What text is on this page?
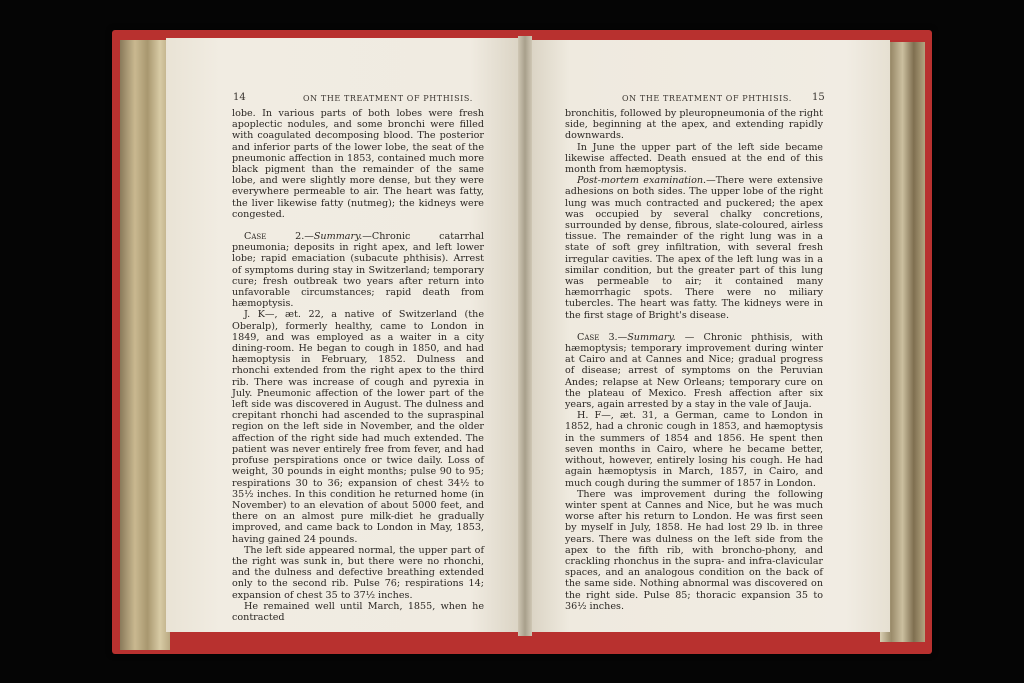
14	ON THE TREATMENT OF PHTHISIS.

lobe. In various parts of both lobes were fresh apoplectic nodules, and some bronchi were filled with coagulated decomposing blood. The posterior and inferior parts of the lower lobe, the seat of the pneumonic affection in 1853, contained much more black pigment than the remainder of the same lobe, and were slightly more dense, but they were everywhere permeable to air. The heart was fatty, the liver likewise fatty (nutmeg); the kidneys were congested.

Case 2.—Summary.—Chronic catarrhal pneumonia; deposits in right apex, and left lower lobe; rapid emaciation (subacute phthisis). Arrest of symptoms during stay in Switzerland; temporary cure; fresh outbreak two years after return into unfavorable circumstances; rapid death from hæmoptysis.

J. K—, æt. 22, a native of Switzerland (the Oberalp), formerly healthy, came to London in 1849, and was employed as a waiter in a city dining-room. He began to cough in 1850, and had hæmoptysis in February, 1852. Dulness and rhonchi extended from the right apex to the third rib. There was increase of cough and pyrexia in July. Pneumonic affection of the lower part of the left side was discovered in August. The dulness and crepitant rhonchi had ascended to the supraspinal region on the left side in November, and the older affection of the right side had much extended. The patient was never entirely free from fever, and had profuse perspirations once or twice daily. Loss of weight, 30 pounds in eight months; pulse 90 to 95; respirations 30 to 36; expansion of chest 34½ to 35½ inches. In this condition he returned home (in November) to an elevation of about 5000 feet, and there on an almost pure milk-diet he gradually improved, and came back to London in May, 1853, having gained 24 pounds.

The left side appeared normal, the upper part of the right was sunk in, but there were no rhonchi, and the dulness and defective breathing extended only to the second rib. Pulse 76; respirations 14; expansion of chest 35 to 37½ inches.

He remained well until March, 1855, when he contracted

ON THE TREATMENT OF PHTHISIS. 15

bronchitis, followed by pleuropneumonia of the right side, beginning at the apex, and extending rapidly downwards.

In June the upper part of the left side became likewise affected. Death ensued at the end of this month from hæmoptysis.

Post-mortem examination.—There were extensive adhesions on both sides. The upper lobe of the right lung was much contracted and puckered; the apex was occupied by several chalky concretions, surrounded by dense, fibrous, slate-coloured, airless tissue. The remainder of the right lung was in a state of soft grey infiltration, with several fresh irregular cavities. The apex of the left lung was in a similar condition, but the greater part of this lung was permeable to air; it contained many hæmorrhagic spots. There were no miliary tubercles. The heart was fatty. The kidneys were in the first stage of Bright's disease.

Case 3.—Summary. — Chronic phthisis, with hæmoptysis; temporary improvement during winter at Cairo and at Cannes and Nice; gradual progress of disease; arrest of symptoms on the Peruvian Andes; relapse at New Orleans; temporary cure on the plateau of Mexico. Fresh affection after six years, again arrested by a stay in the vale of Jauja.

H. F—, æt. 31, a German, came to London in 1852, had a chronic cough in 1853, and hæmoptysis in the summers of 1854 and 1856. He spent then seven months in Cairo, where he became better, without, however, entirely losing his cough. He had again hæmoptysis in March, 1857, in Cairo, and much cough during the summer of 1857 in London.

There was improvement during the following winter spent at Cannes and Nice, but he was much worse after his return to London. He was first seen by myself in July, 1858. He had lost 29 lb. in three years. There was dulness on the left side from the apex to the fifth rib, with broncho-phony, and crackling rhonchus in the supra- and infra-clavicular spaces, and an analogous condition on the back of the same side. Nothing abnormal was discovered on the right side. Pulse 85; thoracic expansion 35 to 36½ inches.
